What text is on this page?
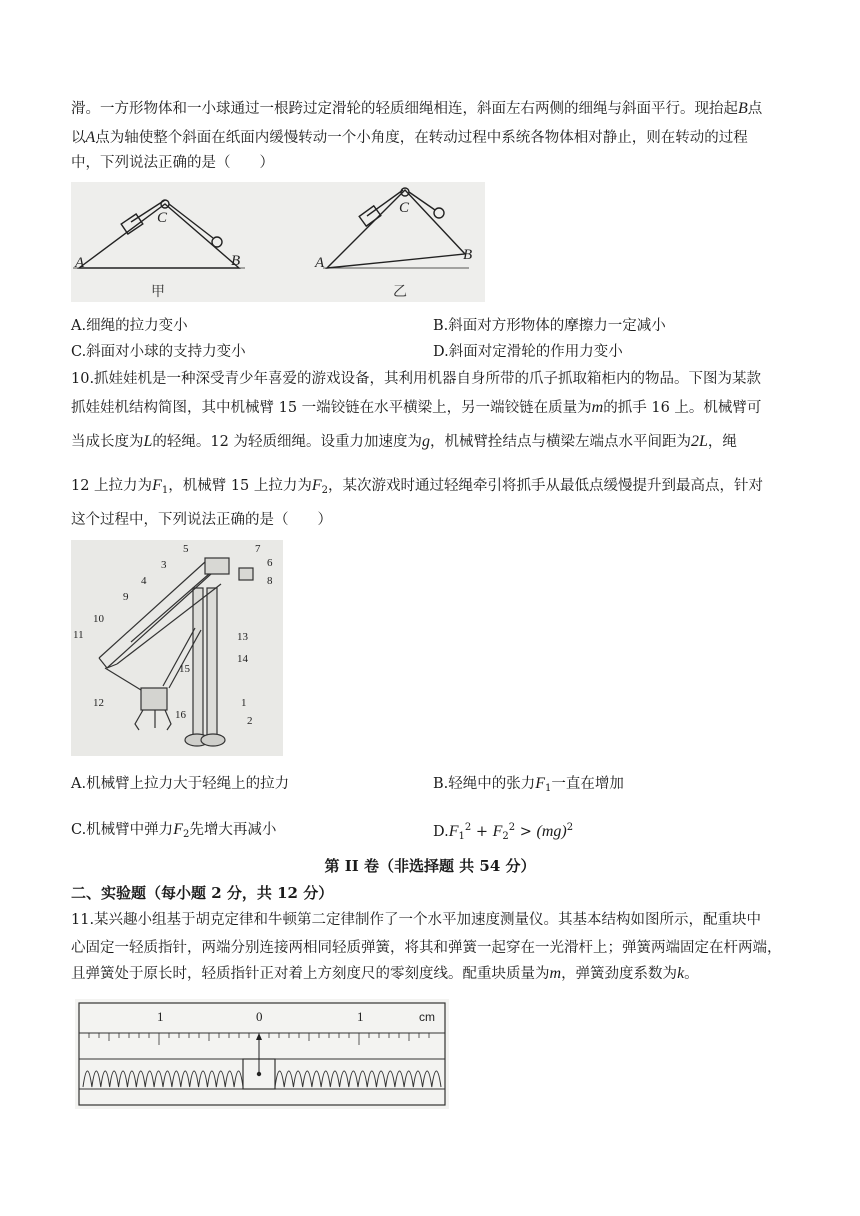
滑。一方形物体和一小球通过一根跨过定滑轮的轻质细绳相连，斜面左右两侧的细绳与斜面平行。现抬起B点
以A点为轴使整个斜面在纸面内缓慢转动一个小角度，在转动过程中系统各物体相对静止，则在转动的过程
中，下列说法正确的是（　　）
C
A	B
甲
C
A	B
乙
A.细绳的拉力变小	B.斜面对方形物体的摩擦力一定减小
C.斜面对小球的支持力变小	D.斜面对定滑轮的作用力变小
10.抓娃娃机是一种深受青少年喜爱的游戏设备，其利用机器自身所带的爪子抓取箱柜内的物品。下图为某款
抓娃娃机结构简图，其中机械臂 15 一端铰链在水平横梁上，另一端铰链在质量为m的抓手 16 上。机械臂可
当成长度为L的轻绳。12 为轻质细绳。设重力加速度为g，机械臂拴结点与横梁左端点水平间距为2L，绳
12 上拉力为$F_1$，机械臂 15 上拉力为$F_2$，某次游戏时通过轻绳牵引将抓手从最低点缓慢提升到最高点，针对
这个过程中，下列说法正确的是（　　）
5	7
3	6
4	8
9
10
11	13
14
15
12
16
1
2
A.机械臂上拉力大于轻绳上的拉力	B.轻绳中的张力$F_1$一直在增加
C.机械臂中弹力$F_2$先增大再减小	$D.F_1^2 + F_2^2 > (mg)^2$
第 II 卷（非选择题 共 54 分）
二、实验题（每小题 2 分，共 12 分）
11.某兴趣小组基于胡克定律和牛顿第二定律制作了一个水平加速度测量仪。其基本结构如图所示，配重块中
心固定一轻质指针，两端分别连接两相同轻质弹簧，将其和弹簧一起穿在一光滑杆上；弹簧两端固定在杆两端，
且弹簧处于原长时，轻质指针正对着上方刻度尺的零刻度线。配重块质量为m，弹簧劲度系数为k。
1	0	1	cm
